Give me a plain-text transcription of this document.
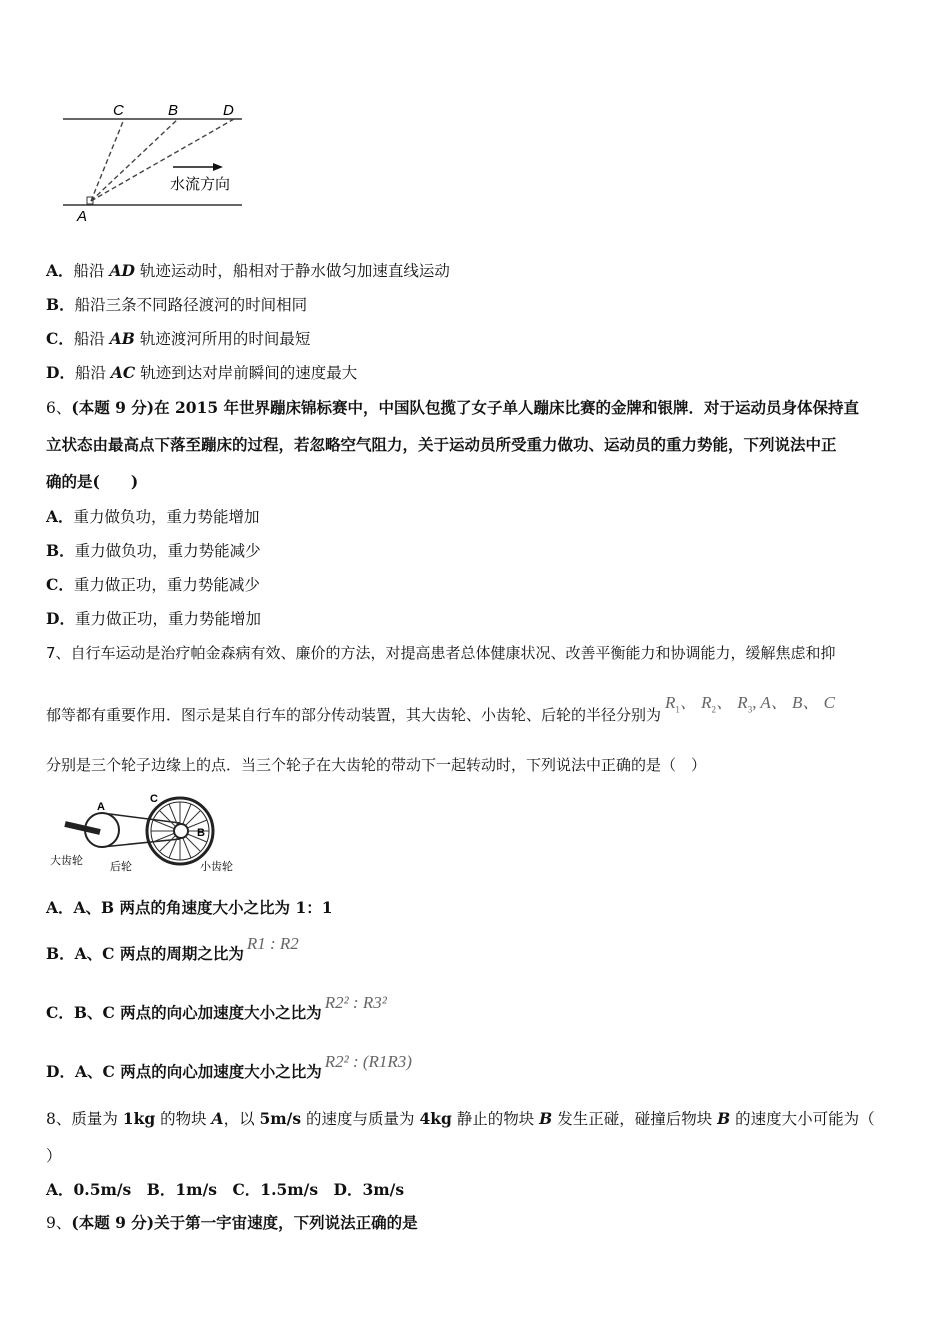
C	B	D
A
水流方向
A．船沿 AD 轨迹运动时，船相对于静水做匀加速直线运动
B．船沿三条不同路径渡河的时间相同
C．船沿 AB 轨迹渡河所用的时间最短
D．船沿 AC 轨迹到达对岸前瞬间的速度最大
6、(本题 9 分)在 2015 年世界蹦床锦标赛中，中国队包揽了女子单人蹦床比赛的金牌和银牌．对于运动员身体保持直
立状态由最高点下落至蹦床的过程，若忽略空气阻力，关于运动员所受重力做功、运动员的重力势能，下列说法中正
确的是(　　)
A．重力做负功，重力势能增加
B．重力做负功，重力势能减少
C．重力做正功，重力势能减少
D．重力做正功，重力势能增加
7、自行车运动是治疗帕金森病有效、廉价的方法，对提高患者总体健康状况、改善平衡能力和协调能力，缓解焦虑和抑
郁等都有重要作用．图示是某自行车的部分传动装置，其大齿轮、小齿轮、后轮的半径分别为$R_1$、 $R_2$、 $R_3$, A、 B、 C
分别是三个轮子边缘上的点．当三个轮子在大齿轮的带动下一起转动时，下列说法中正确的是（　）
A
C
B
大齿轮 后轮	小齿轮
A．A、B 两点的角速度大小之比为 1：1
B．A、C 两点的周期之比为R1 : R2
C．B、C 两点的向心加速度大小之比为R2² : R3²
D．A、C 两点的向心加速度大小之比为R2² : (R1R3)
8、质量为 1kg 的物块 A，以 5m/s 的速度与质量为 4kg 静止的物块 B 发生正碰，碰撞后物块 B 的速度大小可能为（
）
A．0.5m/s　B．1m/s　C．1.5m/s　D．3m/s
9、(本题 9 分)关于第一宇宙速度，下列说法正确的是
